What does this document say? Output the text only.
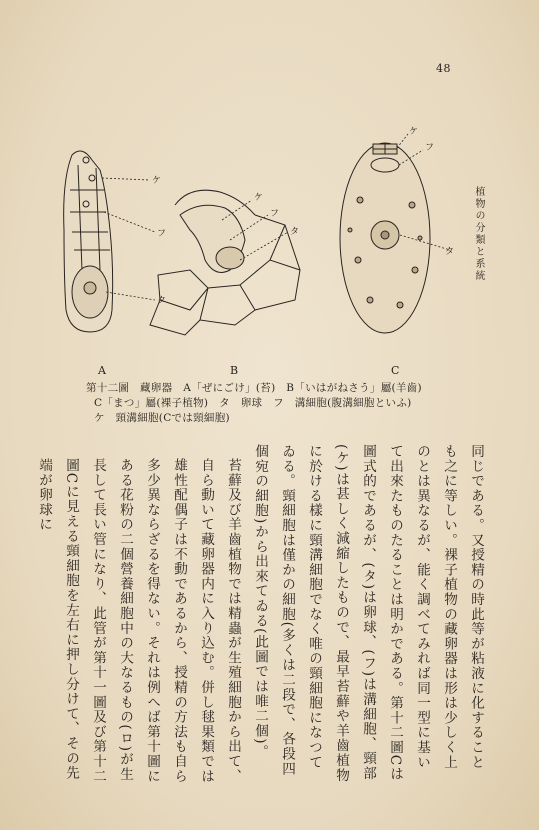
48
植物の分類と系統
ケ
フ
タ
ケ
フ
タ
ケ
フ
タ
A	B	C
第十二圖　藏卵器　A「ぜにごけ」(苔)　B「いはがねさう」屬(羊齒)
C「まつ」屬(裸子植物)　タ　卵球　フ　溝細胞(腹溝細胞といふ)
ケ　頸溝細胞(Cでは頸細胞)

同じである。又授精の時此等が粘液に化することも之に等しい。裸子植物の藏卵器は形は少しく上のとは異なるが、能く調べてみれば同一型に基いて出來たものたることは明かである。第十二圖Cは圖式的であるが、(タ)は卵球、(フ)は溝細胞、頸部(ケ)は甚しく減縮したもので、最早苔蘚や羊齒植物に於ける樣に頸溝細胞でなく唯の頸細胞になつてゐる。頸細胞は僅かの細胞(多くは二段で、各段四個宛の細胞)から出來てゐる(此圖では唯二個)。

苔蘚及び羊齒植物では精蟲が生殖細胞から出て、自ら動いて藏卵器内に入り込む。併し毬果類では雄性配偶子は不動であるから、授精の方法も自ら多少異ならざるを得ない。それは例へば第十圖にある花粉の二個營養細胞中の大なるもの(ロ)が生長して長い管になり、此管が第十一圖及び第十二圖Cに見える頸細胞を左右に押し分けて、その先端が卵球に
